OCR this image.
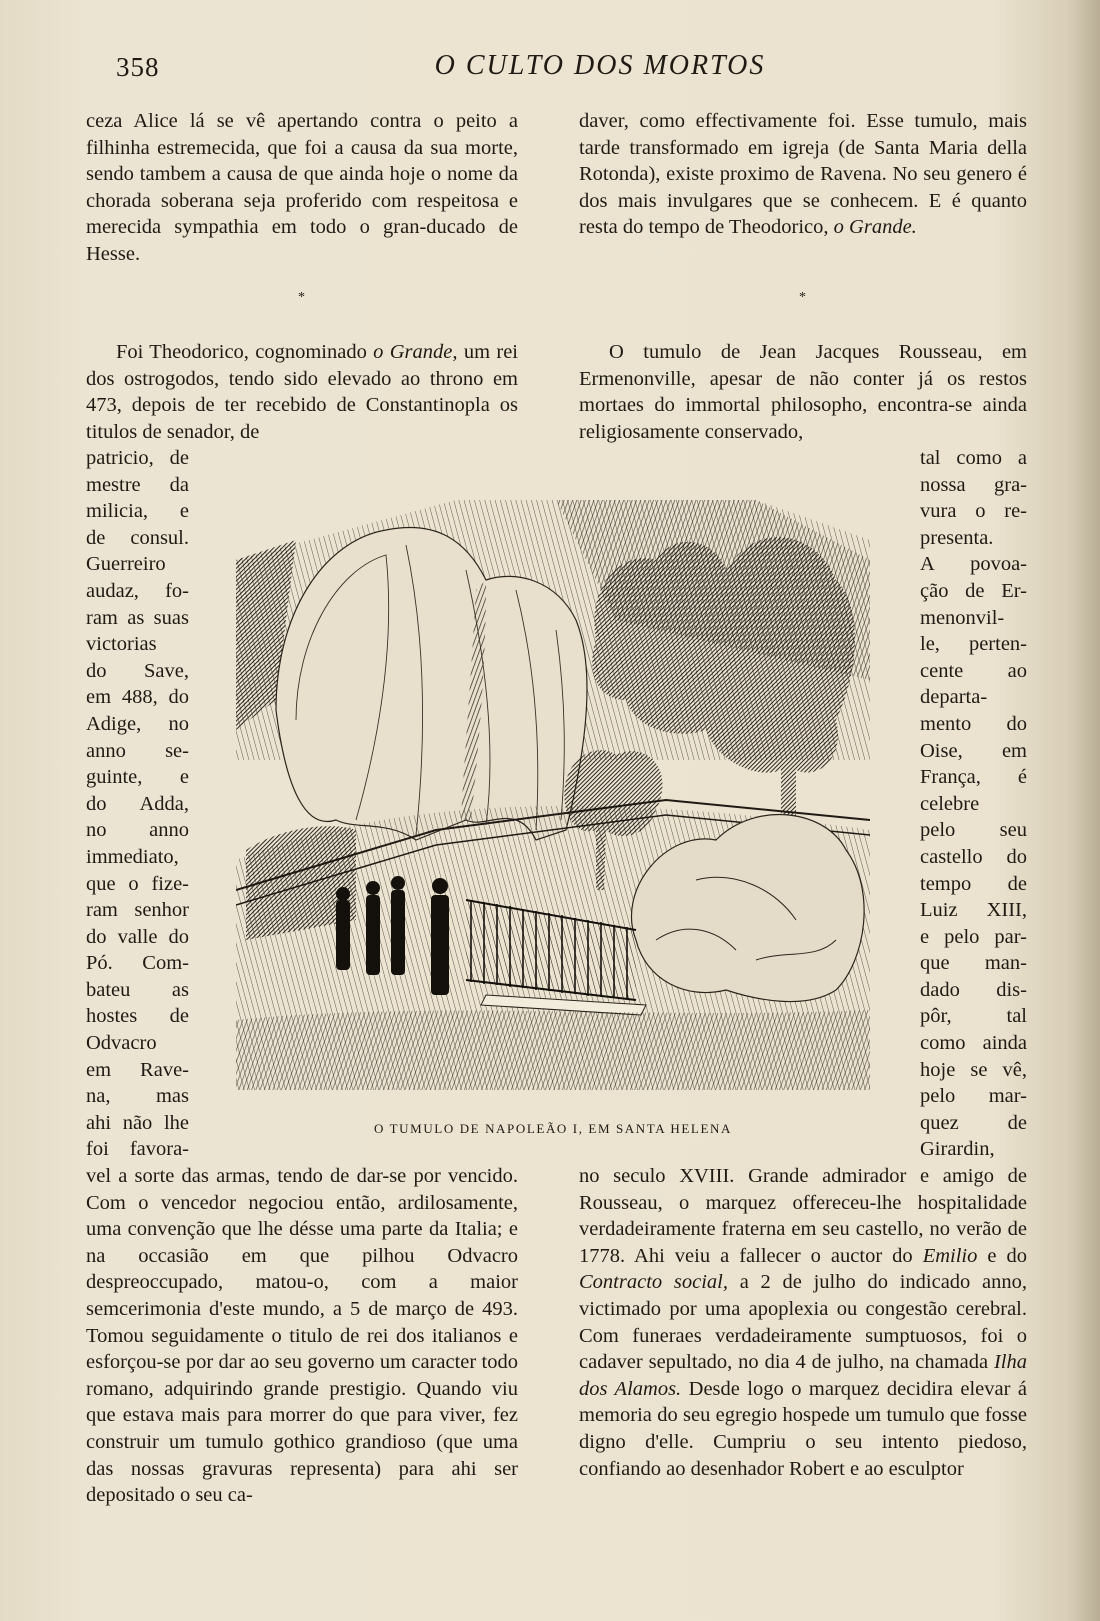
358	O CULTO DOS MORTOS

ceza Alice lá se vê apertando contra o peito a filhinha estremecida, que foi a causa da sua morte, sendo tambem a causa de que ainda hoje o nome da chorada soberana seja proferido com respeitosa e merecida sympathia em todo o gran-ducado de Hesse.

*

Foi Theodorico, cognominado o Grande, um rei dos ostrogodos, tendo sido elevado ao throno em 473, depois de ter recebido de Constantinopla os titulos de senador, de

patricio, de
mestre da
milicia, e
de consul.
Guerreiro
audaz, fo-
ram as suas
victorias
do Save,
em 488, do
Adige, no
anno se-
guinte, e
do Adda,
no anno
immediato,
que o fize-
ram senhor
do valle do
Pó. Com-
bateu as
hostes de
Odvacro
em Rave-
na, mas
ahi não lhe
foi favora-

vel a sorte das armas, tendo de dar-se por vencido. Com o vencedor negociou então, ardilosamente, uma convenção que lhe désse uma parte da Italia; e na occasião em que pilhou Odvacro despreoccupado, matou-o, com a maior semcerimonia d'este mundo, a 5 de março de 493. Tomou seguidamente o titulo de rei dos italianos e esforçou-se por dar ao seu governo um caracter todo romano, adquirindo grande prestigio. Quando viu que estava mais para morrer do que para viver, fez construir um tumulo gothico grandioso (que uma das nossas gravuras representa) para ahi ser depositado o seu ca-

daver, como effectivamente foi. Esse tumulo, mais tarde transformado em igreja (de Santa Maria della Rotonda), existe proximo de Ravena. No seu genero é dos mais invulgares que se conhecem. E é quanto resta do tempo de Theodorico, o Grande.

*

O tumulo de Jean Jacques Rousseau, em Ermenonville, apesar de não conter já os restos mortaes do immortal philosopho, encontra-se ainda religiosamente conservado,

tal como a
nossa gra-
vura o re-
presenta.
A povoa-
ção de Er-
menonvil-
le, perten-
cente ao
departa-
mento do
Oise, em
França, é
celebre
pelo seu
castello do
tempo de
Luiz XIII,
e pelo par-
que man-
dado dis-
pôr, tal
como ainda
hoje se vê,
pelo mar-
quez de
Girardin,

no seculo XVIII. Grande admirador e amigo de Rousseau, o marquez offereceu-lhe hospitalidade verdadeiramente fraterna em seu castello, no verão de 1778. Ahi veiu a fallecer o auctor do Emilio e do Contracto social, a 2 de julho do indicado anno, victimado por uma apoplexia ou congestão cerebral. Com funeraes verdadeiramente sumptuosos, foi o cadaver sepultado, no dia 4 de julho, na chamada Ilha dos Alamos. Desde logo o marquez decidira elevar á memoria do seu egregio hospede um tumulo que fosse digno d'elle. Cumpriu o seu intento piedoso, confiando ao desenhador Robert e ao esculptor

O TUMULO DE NAPOLEÃO I, EM SANTA HELENA
